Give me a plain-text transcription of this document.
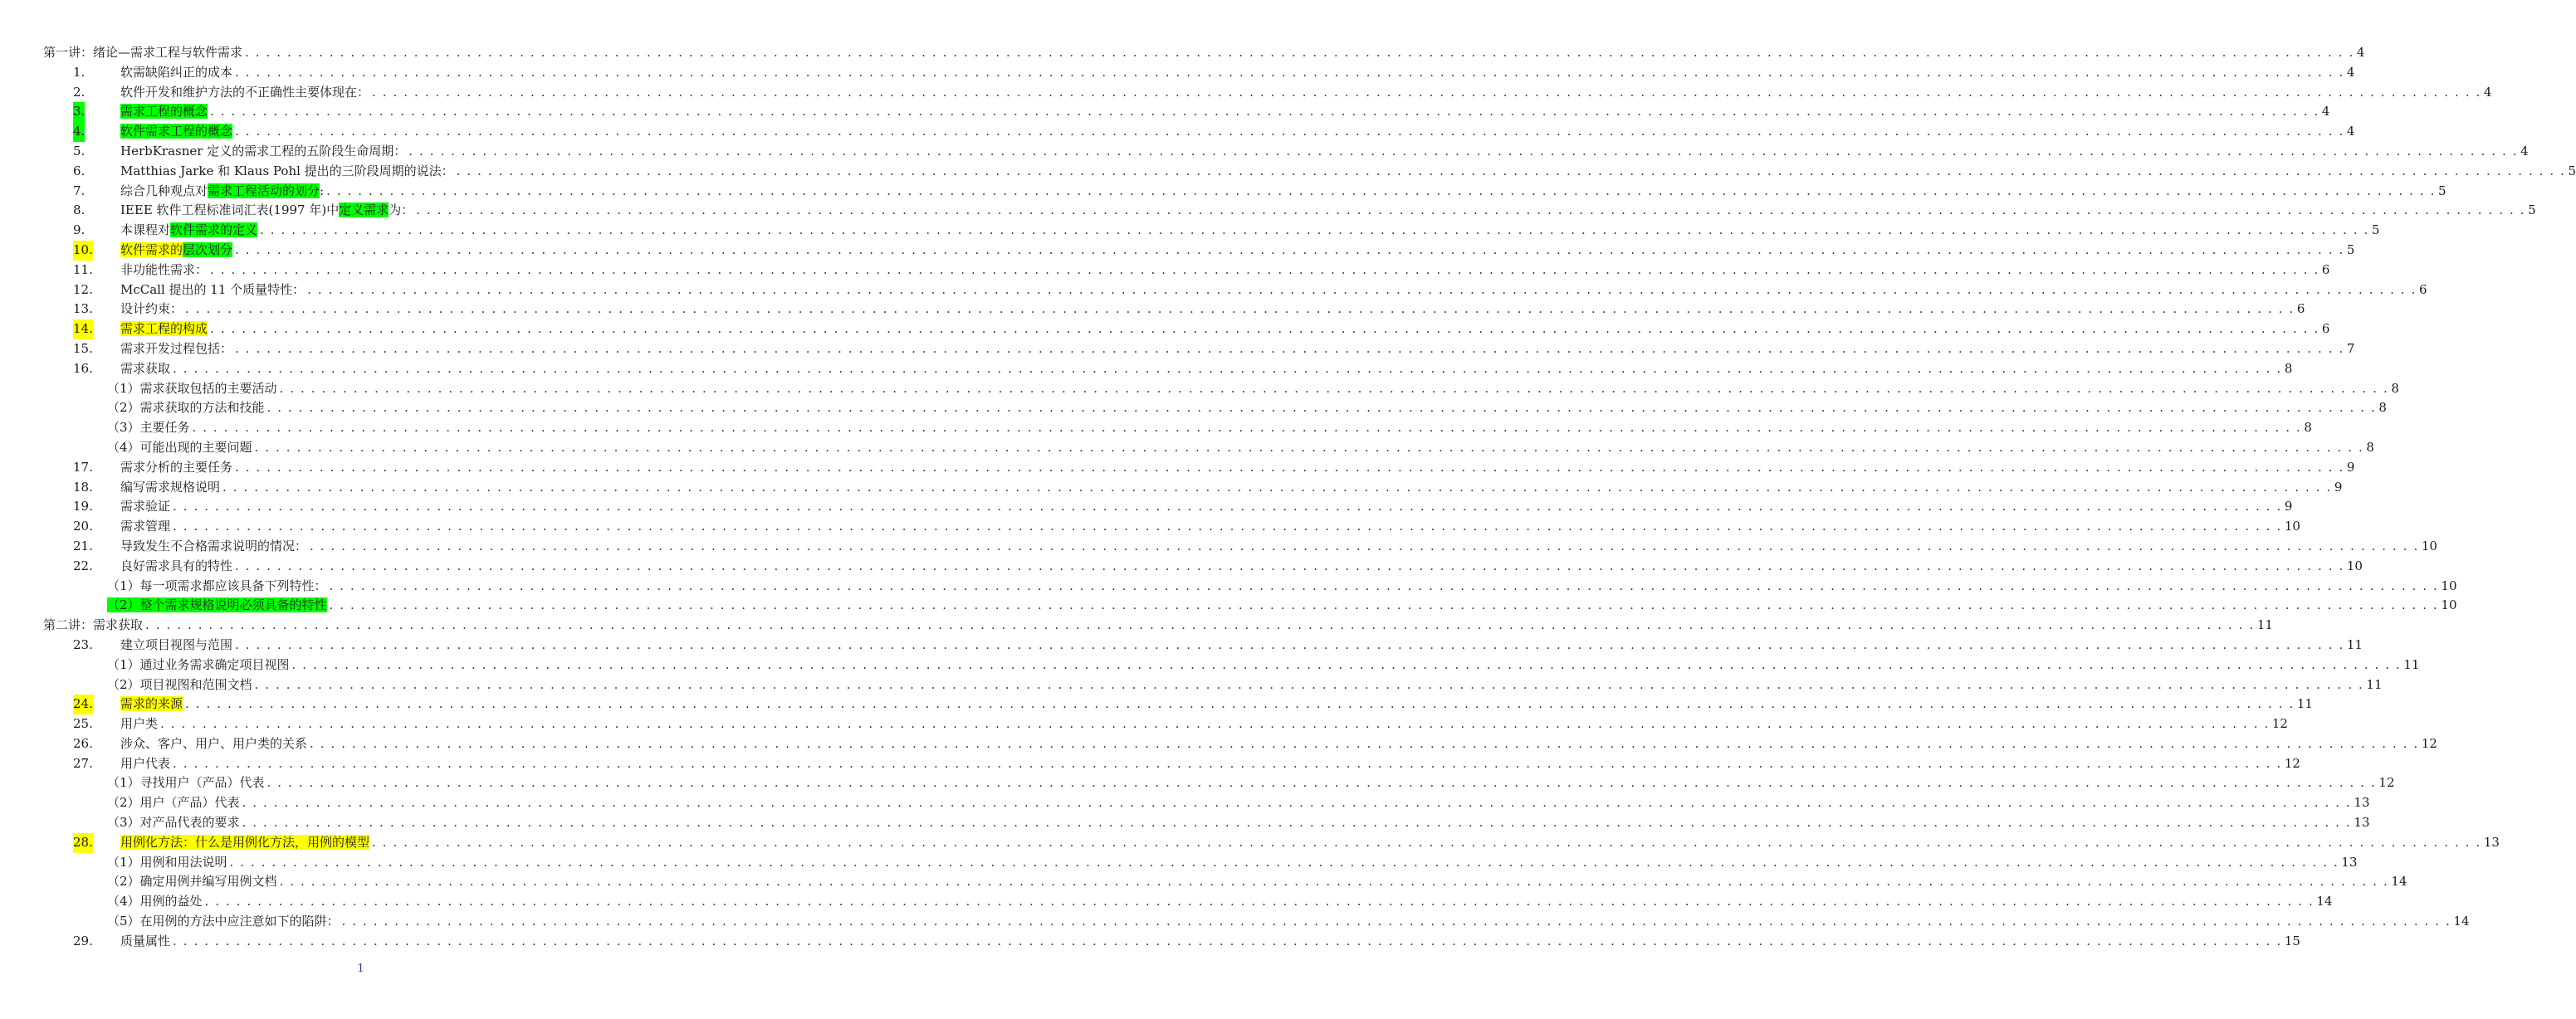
第一讲：绪论—需求工程与软件需求 . . . . . . . . . . . . . . . . . . . . . . . . . . . . . . . . . . . . . . . . . . . . . . . . . . . . . . . . . . . . . . . . . . . . . . . . . . . . . . . . . . . . . . . . . . . . . . . . . . . . . . . . . . . . . . . . . . . . . . . . . . . . . . . . . . . . . . . . . . . . . . . . . . . . . . . . . . . . . . . . . . . . . . . . . . . . . . . . . . . . . . . . . . . . . . . . . . . . . . . . 4
1.	软需缺陷纠正的成本 . . . . . . . . . . . . . . . . . . . . . . . . . . . . . . . . . . . . . . . . . . . . . . . . . . . . . . . . . . . . . . . . . . . . . . . . . . . . . . . . . . . . . . . . . . . . . . . . . . . . . . . . . . . . . . . . . . . . . . . . . . . . . . . . . . . . . . . . . . . . . . . . . . . . . . . . . . . . . . . . . . . . . . . . . . . . . . . . . . . . . . . . . . . . . . . . . . . . . . . . 4
2.	软件开发和维护方法的不正确性主要体现在： . . . . . . . . . . . . . . . . . . . . . . . . . . . . . . . . . . . . . . . . . . . . . . . . . . . . . . . . . . . . . . . . . . . . . . . . . . . . . . . . . . . . . . . . . . . . . . . . . . . . . . . . . . . . . . . . . . . . . . . . . . . . . . . . . . . . . . . . . . . . . . . . . . . . . . . . . . . . . . . . . . . . . . . . . . . . . . . . . . . . . . . . . . . . . . . . . . . . . . . . 4
3.	需求工程的概念 . . . . . . . . . . . . . . . . . . . . . . . . . . . . . . . . . . . . . . . . . . . . . . . . . . . . . . . . . . . . . . . . . . . . . . . . . . . . . . . . . . . . . . . . . . . . . . . . . . . . . . . . . . . . . . . . . . . . . . . . . . . . . . . . . . . . . . . . . . . . . . . . . . . . . . . . . . . . . . . . . . . . . . . . . . . . . . . . . . . . . . . . . . . . . . . . . . . . . . . . 4
4.	软件需求工程的概念 . . . . . . . . . . . . . . . . . . . . . . . . . . . . . . . . . . . . . . . . . . . . . . . . . . . . . . . . . . . . . . . . . . . . . . . . . . . . . . . . . . . . . . . . . . . . . . . . . . . . . . . . . . . . . . . . . . . . . . . . . . . . . . . . . . . . . . . . . . . . . . . . . . . . . . . . . . . . . . . . . . . . . . . . . . . . . . . . . . . . . . . . . . . . . . . . . . . . . . . . 4
5.	HerbKrasner 定义的需求工程的五阶段生命周期： . . . . . . . . . . . . . . . . . . . . . . . . . . . . . . . . . . . . . . . . . . . . . . . . . . . . . . . . . . . . . . . . . . . . . . . . . . . . . . . . . . . . . . . . . . . . . . . . . . . . . . . . . . . . . . . . . . . . . . . . . . . . . . . . . . . . . . . . . . . . . . . . . . . . . . . . . . . . . . . . . . . . . . . . . . . . . . . . . . . . . . . . . . . . . . . . . . . . . . . . 4
6.	Matthias Jarke 和 Klaus Pohl 提出的三阶段周期的说法： . . . . . . . . . . . . . . . . . . . . . . . . . . . . . . . . . . . . . . . . . . . . . . . . . . . . . . . . . . . . . . . . . . . . . . . . . . . . . . . . . . . . . . . . . . . . . . . . . . . . . . . . . . . . . . . . . . . . . . . . . . . . . . . . . . . . . . . . . . . . . . . . . . . . . . . . . . . . . . . . . . . . . . . . . . . . . . . . . . . . . . . . . . . . . . . . . . . . . . . . 5
7.	综合几种观点对需求工程活动的划分: . . . . . . . . . . . . . . . . . . . . . . . . . . . . . . . . . . . . . . . . . . . . . . . . . . . . . . . . . . . . . . . . . . . . . . . . . . . . . . . . . . . . . . . . . . . . . . . . . . . . . . . . . . . . . . . . . . . . . . . . . . . . . . . . . . . . . . . . . . . . . . . . . . . . . . . . . . . . . . . . . . . . . . . . . . . . . . . . . . . . . . . . . . . . . . . . . . . . . . . . 5
8.	IEEE 软件工程标准词汇表(1997 年)中定义需求为： . . . . . . . . . . . . . . . . . . . . . . . . . . . . . . . . . . . . . . . . . . . . . . . . . . . . . . . . . . . . . . . . . . . . . . . . . . . . . . . . . . . . . . . . . . . . . . . . . . . . . . . . . . . . . . . . . . . . . . . . . . . . . . . . . . . . . . . . . . . . . . . . . . . . . . . . . . . . . . . . . . . . . . . . . . . . . . . . . . . . . . . . . . . . . . . . . . . . . . . . 5
9.	本课程对软件需求的定义 . . . . . . . . . . . . . . . . . . . . . . . . . . . . . . . . . . . . . . . . . . . . . . . . . . . . . . . . . . . . . . . . . . . . . . . . . . . . . . . . . . . . . . . . . . . . . . . . . . . . . . . . . . . . . . . . . . . . . . . . . . . . . . . . . . . . . . . . . . . . . . . . . . . . . . . . . . . . . . . . . . . . . . . . . . . . . . . . . . . . . . . . . . . . . . . . . . . . . . . . 5
10. 软件需求的层次划分 . . . . . . . . . . . . . . . . . . . . . . . . . . . . . . . . . . . . . . . . . . . . . . . . . . . . . . . . . . . . . . . . . . . . . . . . . . . . . . . . . . . . . . . . . . . . . . . . . . . . . . . . . . . . . . . . . . . . . . . . . . . . . . . . . . . . . . . . . . . . . . . . . . . . . . . . . . . . . . . . . . . . . . . . . . . . . . . . . . . . . . . . . . . . . . . . . . . . . . . . 5
11. 非功能性需求： . . . . . . . . . . . . . . . . . . . . . . . . . . . . . . . . . . . . . . . . . . . . . . . . . . . . . . . . . . . . . . . . . . . . . . . . . . . . . . . . . . . . . . . . . . . . . . . . . . . . . . . . . . . . . . . . . . . . . . . . . . . . . . . . . . . . . . . . . . . . . . . . . . . . . . . . . . . . . . . . . . . . . . . . . . . . . . . . . . . . . . . . . . . . . . . . . . . . . . . . 6
12. McCall 提出的 11 个质量特性： . . . . . . . . . . . . . . . . . . . . . . . . . . . . . . . . . . . . . . . . . . . . . . . . . . . . . . . . . . . . . . . . . . . . . . . . . . . . . . . . . . . . . . . . . . . . . . . . . . . . . . . . . . . . . . . . . . . . . . . . . . . . . . . . . . . . . . . . . . . . . . . . . . . . . . . . . . . . . . . . . . . . . . . . . . . . . . . . . . . . . . . . . . . . . . . . . . . . . . . . 6
13. 设计约束： . . . . . . . . . . . . . . . . . . . . . . . . . . . . . . . . . . . . . . . . . . . . . . . . . . . . . . . . . . . . . . . . . . . . . . . . . . . . . . . . . . . . . . . . . . . . . . . . . . . . . . . . . . . . . . . . . . . . . . . . . . . . . . . . . . . . . . . . . . . . . . . . . . . . . . . . . . . . . . . . . . . . . . . . . . . . . . . . . . . . . . . . . . . . . . . . . . . . . . . . 6
14. 需求工程的构成 . . . . . . . . . . . . . . . . . . . . . . . . . . . . . . . . . . . . . . . . . . . . . . . . . . . . . . . . . . . . . . . . . . . . . . . . . . . . . . . . . . . . . . . . . . . . . . . . . . . . . . . . . . . . . . . . . . . . . . . . . . . . . . . . . . . . . . . . . . . . . . . . . . . . . . . . . . . . . . . . . . . . . . . . . . . . . . . . . . . . . . . . . . . . . . . . . . . . . . . . 6
15. 需求开发过程包括： . . . . . . . . . . . . . . . . . . . . . . . . . . . . . . . . . . . . . . . . . . . . . . . . . . . . . . . . . . . . . . . . . . . . . . . . . . . . . . . . . . . . . . . . . . . . . . . . . . . . . . . . . . . . . . . . . . . . . . . . . . . . . . . . . . . . . . . . . . . . . . . . . . . . . . . . . . . . . . . . . . . . . . . . . . . . . . . . . . . . . . . . . . . . . . . . . . . . . . . . 7
16. 需求获取 . . . . . . . . . . . . . . . . . . . . . . . . . . . . . . . . . . . . . . . . . . . . . . . . . . . . . . . . . . . . . . . . . . . . . . . . . . . . . . . . . . . . . . . . . . . . . . . . . . . . . . . . . . . . . . . . . . . . . . . . . . . . . . . . . . . . . . . . . . . . . . . . . . . . . . . . . . . . . . . . . . . . . . . . . . . . . . . . . . . . . . . . . . . . . . . . . . . . . . . . 8
（1）需求获取包括的主要活动 . . . . . . . . . . . . . . . . . . . . . . . . . . . . . . . . . . . . . . . . . . . . . . . . . . . . . . . . . . . . . . . . . . . . . . . . . . . . . . . . . . . . . . . . . . . . . . . . . . . . . . . . . . . . . . . . . . . . . . . . . . . . . . . . . . . . . . . . . . . . . . . . . . . . . . . . . . . . . . . . . . . . . . . . . . . . . . . . . . . . . . . . . . . . . . . . . . . . . . . . 8
（2）需求获取的方法和技能 . . . . . . . . . . . . . . . . . . . . . . . . . . . . . . . . . . . . . . . . . . . . . . . . . . . . . . . . . . . . . . . . . . . . . . . . . . . . . . . . . . . . . . . . . . . . . . . . . . . . . . . . . . . . . . . . . . . . . . . . . . . . . . . . . . . . . . . . . . . . . . . . . . . . . . . . . . . . . . . . . . . . . . . . . . . . . . . . . . . . . . . . . . . . . . . . . . . . . . . . 8
（3）主要任务 . . . . . . . . . . . . . . . . . . . . . . . . . . . . . . . . . . . . . . . . . . . . . . . . . . . . . . . . . . . . . . . . . . . . . . . . . . . . . . . . . . . . . . . . . . . . . . . . . . . . . . . . . . . . . . . . . . . . . . . . . . . . . . . . . . . . . . . . . . . . . . . . . . . . . . . . . . . . . . . . . . . . . . . . . . . . . . . . . . . . . . . . . . . . . . . . . . . . . . . . 8
（4）可能出现的主要问题 . . . . . . . . . . . . . . . . . . . . . . . . . . . . . . . . . . . . . . . . . . . . . . . . . . . . . . . . . . . . . . . . . . . . . . . . . . . . . . . . . . . . . . . . . . . . . . . . . . . . . . . . . . . . . . . . . . . . . . . . . . . . . . . . . . . . . . . . . . . . . . . . . . . . . . . . . . . . . . . . . . . . . . . . . . . . . . . . . . . . . . . . . . . . . . . . . . . . . . . . 8
17. 需求分析的主要任务 . . . . . . . . . . . . . . . . . . . . . . . . . . . . . . . . . . . . . . . . . . . . . . . . . . . . . . . . . . . . . . . . . . . . . . . . . . . . . . . . . . . . . . . . . . . . . . . . . . . . . . . . . . . . . . . . . . . . . . . . . . . . . . . . . . . . . . . . . . . . . . . . . . . . . . . . . . . . . . . . . . . . . . . . . . . . . . . . . . . . . . . . . . . . . . . . . . . . . . . . 9
18. 编写需求规格说明 . . . . . . . . . . . . . . . . . . . . . . . . . . . . . . . . . . . . . . . . . . . . . . . . . . . . . . . . . . . . . . . . . . . . . . . . . . . . . . . . . . . . . . . . . . . . . . . . . . . . . . . . . . . . . . . . . . . . . . . . . . . . . . . . . . . . . . . . . . . . . . . . . . . . . . . . . . . . . . . . . . . . . . . . . . . . . . . . . . . . . . . . . . . . . . . . . . . . . . . . 9
19. 需求验证 . . . . . . . . . . . . . . . . . . . . . . . . . . . . . . . . . . . . . . . . . . . . . . . . . . . . . . . . . . . . . . . . . . . . . . . . . . . . . . . . . . . . . . . . . . . . . . . . . . . . . . . . . . . . . . . . . . . . . . . . . . . . . . . . . . . . . . . . . . . . . . . . . . . . . . . . . . . . . . . . . . . . . . . . . . . . . . . . . . . . . . . . . . . . . . . . . . . . . . . . 9
20. 需求管理 . . . . . . . . . . . . . . . . . . . . . . . . . . . . . . . . . . . . . . . . . . . . . . . . . . . . . . . . . . . . . . . . . . . . . . . . . . . . . . . . . . . . . . . . . . . . . . . . . . . . . . . . . . . . . . . . . . . . . . . . . . . . . . . . . . . . . . . . . . . . . . . . . . . . . . . . . . . . . . . . . . . . . . . . . . . . . . . . . . . . . . . . . . . . . . . . . . . . . . . . 10
21. 导致发生不合格需求说明的情况： . . . . . . . . . . . . . . . . . . . . . . . . . . . . . . . . . . . . . . . . . . . . . . . . . . . . . . . . . . . . . . . . . . . . . . . . . . . . . . . . . . . . . . . . . . . . . . . . . . . . . . . . . . . . . . . . . . . . . . . . . . . . . . . . . . . . . . . . . . . . . . . . . . . . . . . . . . . . . . . . . . . . . . . . . . . . . . . . . . . . . . . . . . . . . . . . . . . . . . . . 10
22. 良好需求具有的特性 . . . . . . . . . . . . . . . . . . . . . . . . . . . . . . . . . . . . . . . . . . . . . . . . . . . . . . . . . . . . . . . . . . . . . . . . . . . . . . . . . . . . . . . . . . . . . . . . . . . . . . . . . . . . . . . . . . . . . . . . . . . . . . . . . . . . . . . . . . . . . . . . . . . . . . . . . . . . . . . . . . . . . . . . . . . . . . . . . . . . . . . . . . . . . . . . . . . . . . . . 10
（1）每一项需求都应该具备下列特性： . . . . . . . . . . . . . . . . . . . . . . . . . . . . . . . . . . . . . . . . . . . . . . . . . . . . . . . . . . . . . . . . . . . . . . . . . . . . . . . . . . . . . . . . . . . . . . . . . . . . . . . . . . . . . . . . . . . . . . . . . . . . . . . . . . . . . . . . . . . . . . . . . . . . . . . . . . . . . . . . . . . . . . . . . . . . . . . . . . . . . . . . . . . . . . . . . . . . . . . . 10
（2）整个需求规格说明必须具备的特性 . . . . . . . . . . . . . . . . . . . . . . . . . . . . . . . . . . . . . . . . . . . . . . . . . . . . . . . . . . . . . . . . . . . . . . . . . . . . . . . . . . . . . . . . . . . . . . . . . . . . . . . . . . . . . . . . . . . . . . . . . . . . . . . . . . . . . . . . . . . . . . . . . . . . . . . . . . . . . . . . . . . . . . . . . . . . . . . . . . . . . . . . . . . . . . . . . . . . . . . . 10
第二讲：需求获取 . . . . . . . . . . . . . . . . . . . . . . . . . . . . . . . . . . . . . . . . . . . . . . . . . . . . . . . . . . . . . . . . . . . . . . . . . . . . . . . . . . . . . . . . . . . . . . . . . . . . . . . . . . . . . . . . . . . . . . . . . . . . . . . . . . . . . . . . . . . . . . . . . . . . . . . . . . . . . . . . . . . . . . . . . . . . . . . . . . . . . . . . . . . . . . . . . . . . . . . . 11
23. 建立项目视图与范围 . . . . . . . . . . . . . . . . . . . . . . . . . . . . . . . . . . . . . . . . . . . . . . . . . . . . . . . . . . . . . . . . . . . . . . . . . . . . . . . . . . . . . . . . . . . . . . . . . . . . . . . . . . . . . . . . . . . . . . . . . . . . . . . . . . . . . . . . . . . . . . . . . . . . . . . . . . . . . . . . . . . . . . . . . . . . . . . . . . . . . . . . . . . . . . . . . . . . . . . . 11
（1）通过业务需求确定项目视图 . . . . . . . . . . . . . . . . . . . . . . . . . . . . . . . . . . . . . . . . . . . . . . . . . . . . . . . . . . . . . . . . . . . . . . . . . . . . . . . . . . . . . . . . . . . . . . . . . . . . . . . . . . . . . . . . . . . . . . . . . . . . . . . . . . . . . . . . . . . . . . . . . . . . . . . . . . . . . . . . . . . . . . . . . . . . . . . . . . . . . . . . . . . . . . . . . . . . . . . . 11
（2）项目视图和范围文档 . . . . . . . . . . . . . . . . . . . . . . . . . . . . . . . . . . . . . . . . . . . . . . . . . . . . . . . . . . . . . . . . . . . . . . . . . . . . . . . . . . . . . . . . . . . . . . . . . . . . . . . . . . . . . . . . . . . . . . . . . . . . . . . . . . . . . . . . . . . . . . . . . . . . . . . . . . . . . . . . . . . . . . . . . . . . . . . . . . . . . . . . . . . . . . . . . . . . . . . . 11
24. 需求的来源 . . . . . . . . . . . . . . . . . . . . . . . . . . . . . . . . . . . . . . . . . . . . . . . . . . . . . . . . . . . . . . . . . . . . . . . . . . . . . . . . . . . . . . . . . . . . . . . . . . . . . . . . . . . . . . . . . . . . . . . . . . . . . . . . . . . . . . . . . . . . . . . . . . . . . . . . . . . . . . . . . . . . . . . . . . . . . . . . . . . . . . . . . . . . . . . . . . . . . . . . 11
25. 用户类 . . . . . . . . . . . . . . . . . . . . . . . . . . . . . . . . . . . . . . . . . . . . . . . . . . . . . . . . . . . . . . . . . . . . . . . . . . . . . . . . . . . . . . . . . . . . . . . . . . . . . . . . . . . . . . . . . . . . . . . . . . . . . . . . . . . . . . . . . . . . . . . . . . . . . . . . . . . . . . . . . . . . . . . . . . . . . . . . . . . . . . . . . . . . . . . . . . . . . . . . 12
26. 涉众、客户、用户、用户类的关系 . . . . . . . . . . . . . . . . . . . . . . . . . . . . . . . . . . . . . . . . . . . . . . . . . . . . . . . . . . . . . . . . . . . . . . . . . . . . . . . . . . . . . . . . . . . . . . . . . . . . . . . . . . . . . . . . . . . . . . . . . . . . . . . . . . . . . . . . . . . . . . . . . . . . . . . . . . . . . . . . . . . . . . . . . . . . . . . . . . . . . . . . . . . . . . . . . . . . . . . . 12
27. 用户代表 . . . . . . . . . . . . . . . . . . . . . . . . . . . . . . . . . . . . . . . . . . . . . . . . . . . . . . . . . . . . . . . . . . . . . . . . . . . . . . . . . . . . . . . . . . . . . . . . . . . . . . . . . . . . . . . . . . . . . . . . . . . . . . . . . . . . . . . . . . . . . . . . . . . . . . . . . . . . . . . . . . . . . . . . . . . . . . . . . . . . . . . . . . . . . . . . . . . . . . . . 12
（1）寻找用户（产品）代表 . . . . . . . . . . . . . . . . . . . . . . . . . . . . . . . . . . . . . . . . . . . . . . . . . . . . . . . . . . . . . . . . . . . . . . . . . . . . . . . . . . . . . . . . . . . . . . . . . . . . . . . . . . . . . . . . . . . . . . . . . . . . . . . . . . . . . . . . . . . . . . . . . . . . . . . . . . . . . . . . . . . . . . . . . . . . . . . . . . . . . . . . . . . . . . . . . . . . . . . . 12
（2）用户（产品）代表 . . . . . . . . . . . . . . . . . . . . . . . . . . . . . . . . . . . . . . . . . . . . . . . . . . . . . . . . . . . . . . . . . . . . . . . . . . . . . . . . . . . . . . . . . . . . . . . . . . . . . . . . . . . . . . . . . . . . . . . . . . . . . . . . . . . . . . . . . . . . . . . . . . . . . . . . . . . . . . . . . . . . . . . . . . . . . . . . . . . . . . . . . . . . . . . . . . . . . . . . 13
（3）对产品代表的要求 . . . . . . . . . . . . . . . . . . . . . . . . . . . . . . . . . . . . . . . . . . . . . . . . . . . . . . . . . . . . . . . . . . . . . . . . . . . . . . . . . . . . . . . . . . . . . . . . . . . . . . . . . . . . . . . . . . . . . . . . . . . . . . . . . . . . . . . . . . . . . . . . . . . . . . . . . . . . . . . . . . . . . . . . . . . . . . . . . . . . . . . . . . . . . . . . . . . . . . . . 13
28. 用例化方法：什么是用例化方法，用例的模型 . . . . . . . . . . . . . . . . . . . . . . . . . . . . . . . . . . . . . . . . . . . . . . . . . . . . . . . . . . . . . . . . . . . . . . . . . . . . . . . . . . . . . . . . . . . . . . . . . . . . . . . . . . . . . . . . . . . . . . . . . . . . . . . . . . . . . . . . . . . . . . . . . . . . . . . . . . . . . . . . . . . . . . . . . . . . . . . . . . . . . . . . . . . . . . . . . . . . . . . . 13
（1）用例和用法说明 . . . . . . . . . . . . . . . . . . . . . . . . . . . . . . . . . . . . . . . . . . . . . . . . . . . . . . . . . . . . . . . . . . . . . . . . . . . . . . . . . . . . . . . . . . . . . . . . . . . . . . . . . . . . . . . . . . . . . . . . . . . . . . . . . . . . . . . . . . . . . . . . . . . . . . . . . . . . . . . . . . . . . . . . . . . . . . . . . . . . . . . . . . . . . . . . . . . . . . . . 13
（2）确定用例并编写用例文档 . . . . . . . . . . . . . . . . . . . . . . . . . . . . . . . . . . . . . . . . . . . . . . . . . . . . . . . . . . . . . . . . . . . . . . . . . . . . . . . . . . . . . . . . . . . . . . . . . . . . . . . . . . . . . . . . . . . . . . . . . . . . . . . . . . . . . . . . . . . . . . . . . . . . . . . . . . . . . . . . . . . . . . . . . . . . . . . . . . . . . . . . . . . . . . . . . . . . . . . . 14
（4）用例的益处 . . . . . . . . . . . . . . . . . . . . . . . . . . . . . . . . . . . . . . . . . . . . . . . . . . . . . . . . . . . . . . . . . . . . . . . . . . . . . . . . . . . . . . . . . . . . . . . . . . . . . . . . . . . . . . . . . . . . . . . . . . . . . . . . . . . . . . . . . . . . . . . . . . . . . . . . . . . . . . . . . . . . . . . . . . . . . . . . . . . . . . . . . . . . . . . . . . . . . . . . 14
（5）在用例的方法中应注意如下的陷阱： . . . . . . . . . . . . . . . . . . . . . . . . . . . . . . . . . . . . . . . . . . . . . . . . . . . . . . . . . . . . . . . . . . . . . . . . . . . . . . . . . . . . . . . . . . . . . . . . . . . . . . . . . . . . . . . . . . . . . . . . . . . . . . . . . . . . . . . . . . . . . . . . . . . . . . . . . . . . . . . . . . . . . . . . . . . . . . . . . . . . . . . . . . . . . . . . . . . . . . . . 14
29. 质量属性 . . . . . . . . . . . . . . . . . . . . . . . . . . . . . . . . . . . . . . . . . . . . . . . . . . . . . . . . . . . . . . . . . . . . . . . . . . . . . . . . . . . . . . . . . . . . . . . . . . . . . . . . . . . . . . . . . . . . . . . . . . . . . . . . . . . . . . . . . . . . . . . . . . . . . . . . . . . . . . . . . . . . . . . . . . . . . . . . . . . . . . . . . . . . . . . . . . . . . . . . 15
1
